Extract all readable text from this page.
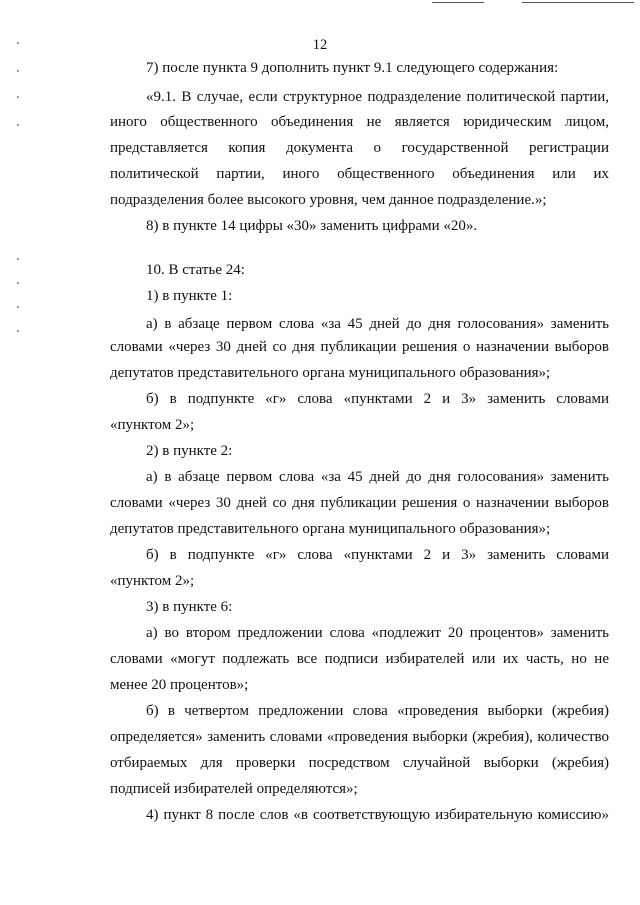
12
7) после пункта 9 дополнить пункт 9.1 следующего содержания:
«9.1. В случае, если структурное подразделение политической партии,
иного общественного объединения не является юридическим лицом,
представляется копия документа о государственной регистрации
политической партии, иного общественного объединения или их
подразделения более высокого уровня, чем данное подразделение.»;
8) в пункте 14 цифры «30» заменить цифрами «20».
10. В статье 24:
1) в пункте 1:
а) в абзаце первом слова «за 45 дней до дня голосования» заменить
словами «через 30 дней со дня публикации решения о назначении выборов
депутатов представительного органа муниципального образования»;
б) в подпункте «г» слова «пунктами 2 и 3» заменить словами
«пунктом 2»;
2) в пункте 2:
а) в абзаце первом слова «за 45 дней до дня голосования» заменить
словами «через 30 дней со дня публикации решения о назначении выборов
депутатов представительного органа муниципального образования»;
б) в подпункте «г» слова «пунктами 2 и 3» заменить словами
«пунктом 2»;
3) в пункте 6:
а) во втором предложении слова «подлежит 20 процентов» заменить
словами «могут подлежать все подписи избирателей или их часть, но не
менее 20 процентов»;
б) в четвертом предложении слова «проведения выборки (жребия)
определяется» заменить словами «проведения выборки (жребия), количество
отбираемых для проверки посредством случайной выборки (жребия)
подписей избирателей определяются»;
4) пункт 8 после слов «в соответствующую избирательную комиссию»
